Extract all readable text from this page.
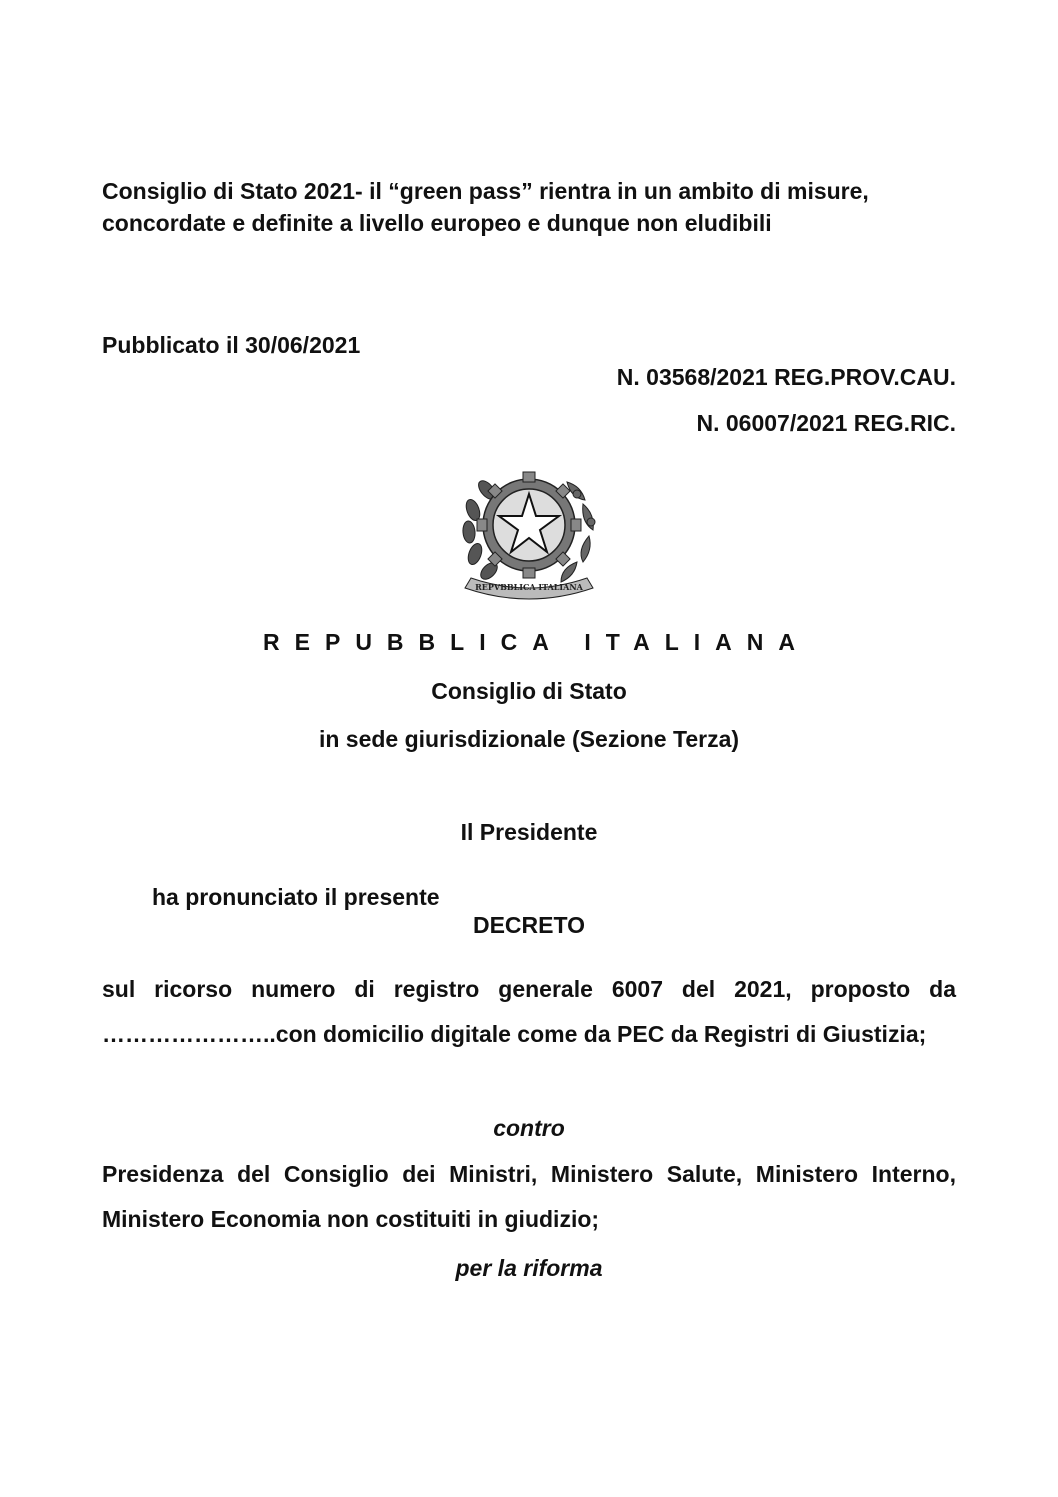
Consiglio di Stato 2021- il “green pass” rientra in un ambito di misure, concordate e definite a livello europeo e dunque non eludibili
Pubblicato il 30/06/2021
N. 03568/2021 REG.PROV.CAU.
N. 06007/2021 REG.RIC.
REPVBBLICA ITALIANA
REPUBBLICA ITALIANA
Consiglio di Stato
in sede giurisdizionale (Sezione Terza)
Il Presidente
ha pronunciato il presente
DECRETO
sul ricorso numero di registro generale 6007 del 2021, proposto da …………………..con domicilio digitale come da PEC da Registri di Giustizia;
contro
Presidenza del Consiglio dei Ministri, Ministero Salute, Ministero Interno, Ministero Economia non costituiti in giudizio;
per la riforma
